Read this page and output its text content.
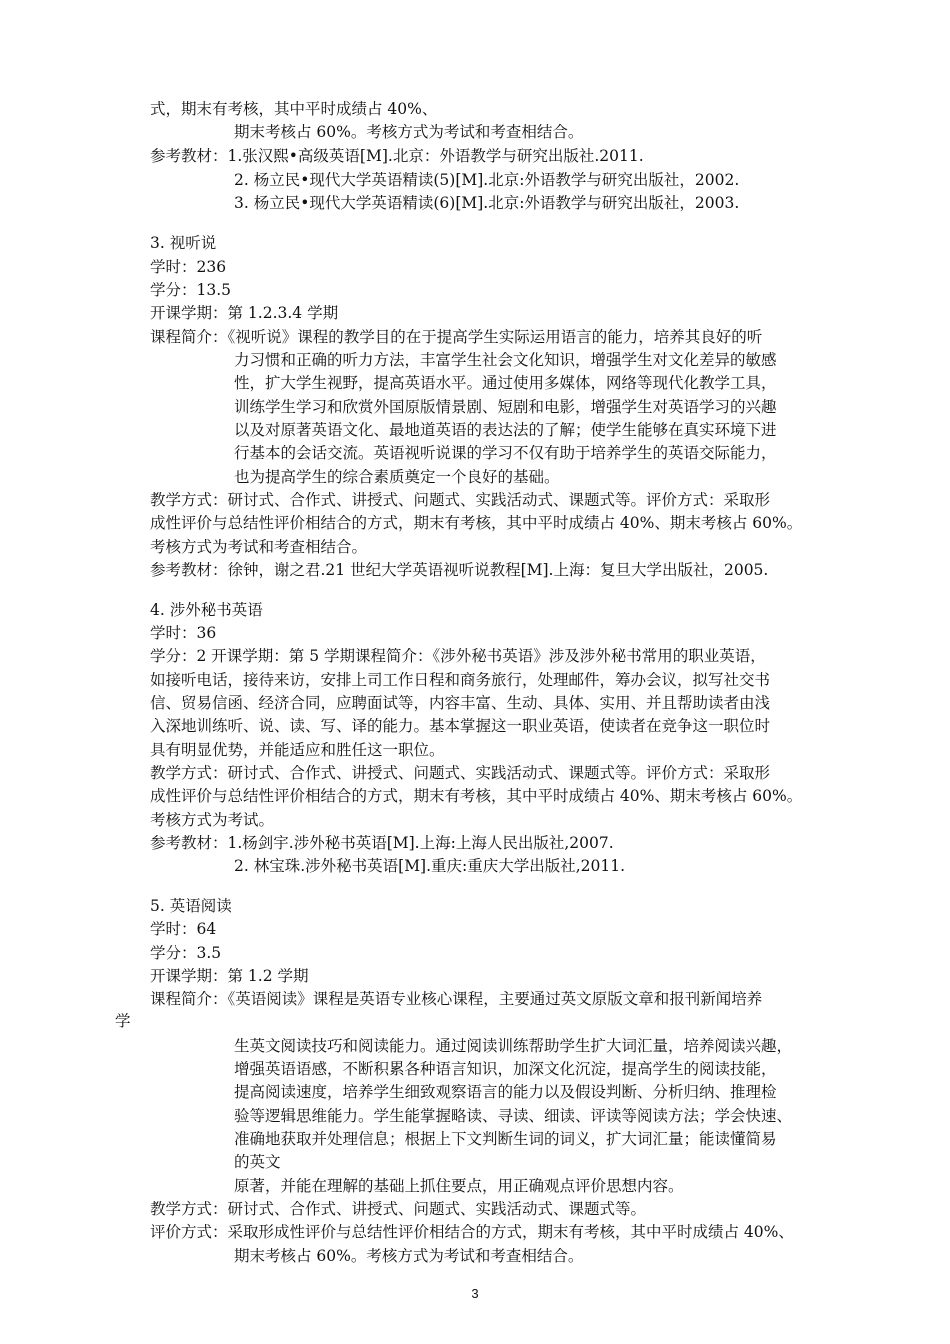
式，期末有考核，其中平时成绩占 40%、
期末考核占 60%。考核方式为考试和考查相结合。
参考教材：1.张汉熙•高级英语[M].北京：外语教学与研究出版社.2011.
2. 杨立民•现代大学英语精读(5)[M].北京:外语教学与研究出版社，2002.
3. 杨立民•现代大学英语精读(6)[M].北京:外语教学与研究出版社，2003.
3. 视听说
学时：236
学分：13.5
开课学期：第 1.2.3.4 学期
课程简介：《视听说》课程的教学目的在于提高学生实际运用语言的能力，培养其良好的听
力习惯和正确的听力方法，丰富学生社会文化知识，增强学生对文化差异的敏感
性，扩大学生视野，提高英语水平。通过使用多媒体，网络等现代化教学工具，
训练学生学习和欣赏外国原版情景剧、短剧和电影，增强学生对英语学习的兴趣
以及对原著英语文化、最地道英语的表达法的了解；使学生能够在真实环境下进
行基本的会话交流。英语视听说课的学习不仅有助于培养学生的英语交际能力，
也为提高学生的综合素质奠定一个良好的基础。
教学方式：研讨式、合作式、讲授式、问题式、实践活动式、课题式等。评价方式：采取形
成性评价与总结性评价相结合的方式，期末有考核，其中平时成绩占 40%、期末考核占 60%。
考核方式为考试和考查相结合。
参考教材：徐钟，谢之君.21 世纪大学英语视听说教程[M].上海：复旦大学出版社，2005.
4. 涉外秘书英语
学时：36
学分：2 开课学期：第 5 学期课程简介：《涉外秘书英语》涉及涉外秘书常用的职业英语，
如接听电话，接待来访，安排上司工作日程和商务旅行，处理邮件，筹办会议，拟写社交书
信、贸易信函、经济合同，应聘面试等，内容丰富、生动、具体、实用、并且帮助读者由浅
入深地训练听、说、读、写、译的能力。基本掌握这一职业英语，使读者在竞争这一职位时
具有明显优势，并能适应和胜任这一职位。
教学方式：研讨式、合作式、讲授式、问题式、实践活动式、课题式等。评价方式：采取形
成性评价与总结性评价相结合的方式，期末有考核，其中平时成绩占 40%、期末考核占 60%。
考核方式为考试。
参考教材：1.杨剑宇.涉外秘书英语[M].上海:上海人民出版社,2007.
2. 林宝珠.涉外秘书英语[M].重庆:重庆大学出版社,2011.
5. 英语阅读
学时：64
学分：3.5
开课学期：第 1.2 学期
课程简介：《英语阅读》课程是英语专业核心课程，主要通过英文原版文章和报刊新闻培养
学
生英文阅读技巧和阅读能力。通过阅读训练帮助学生扩大词汇量，培养阅读兴趣，
增强英语语感，不断积累各种语言知识，加深文化沉淀，提高学生的阅读技能，
提高阅读速度，培养学生细致观察语言的能力以及假设判断、分析归纳、推理检
验等逻辑思维能力。学生能掌握略读、寻读、细读、评读等阅读方法；学会快速、
准确地获取并处理信息；根据上下文判断生词的词义，扩大词汇量；能读懂简易
的英文
原著，并能在理解的基础上抓住要点，用正确观点评价思想内容。
教学方式：研讨式、合作式、讲授式、问题式、实践活动式、课题式等。
评价方式：采取形成性评价与总结性评价相结合的方式，期末有考核，其中平时成绩占 40%、
期末考核占 60%。考核方式为考试和考查相结合。
3
